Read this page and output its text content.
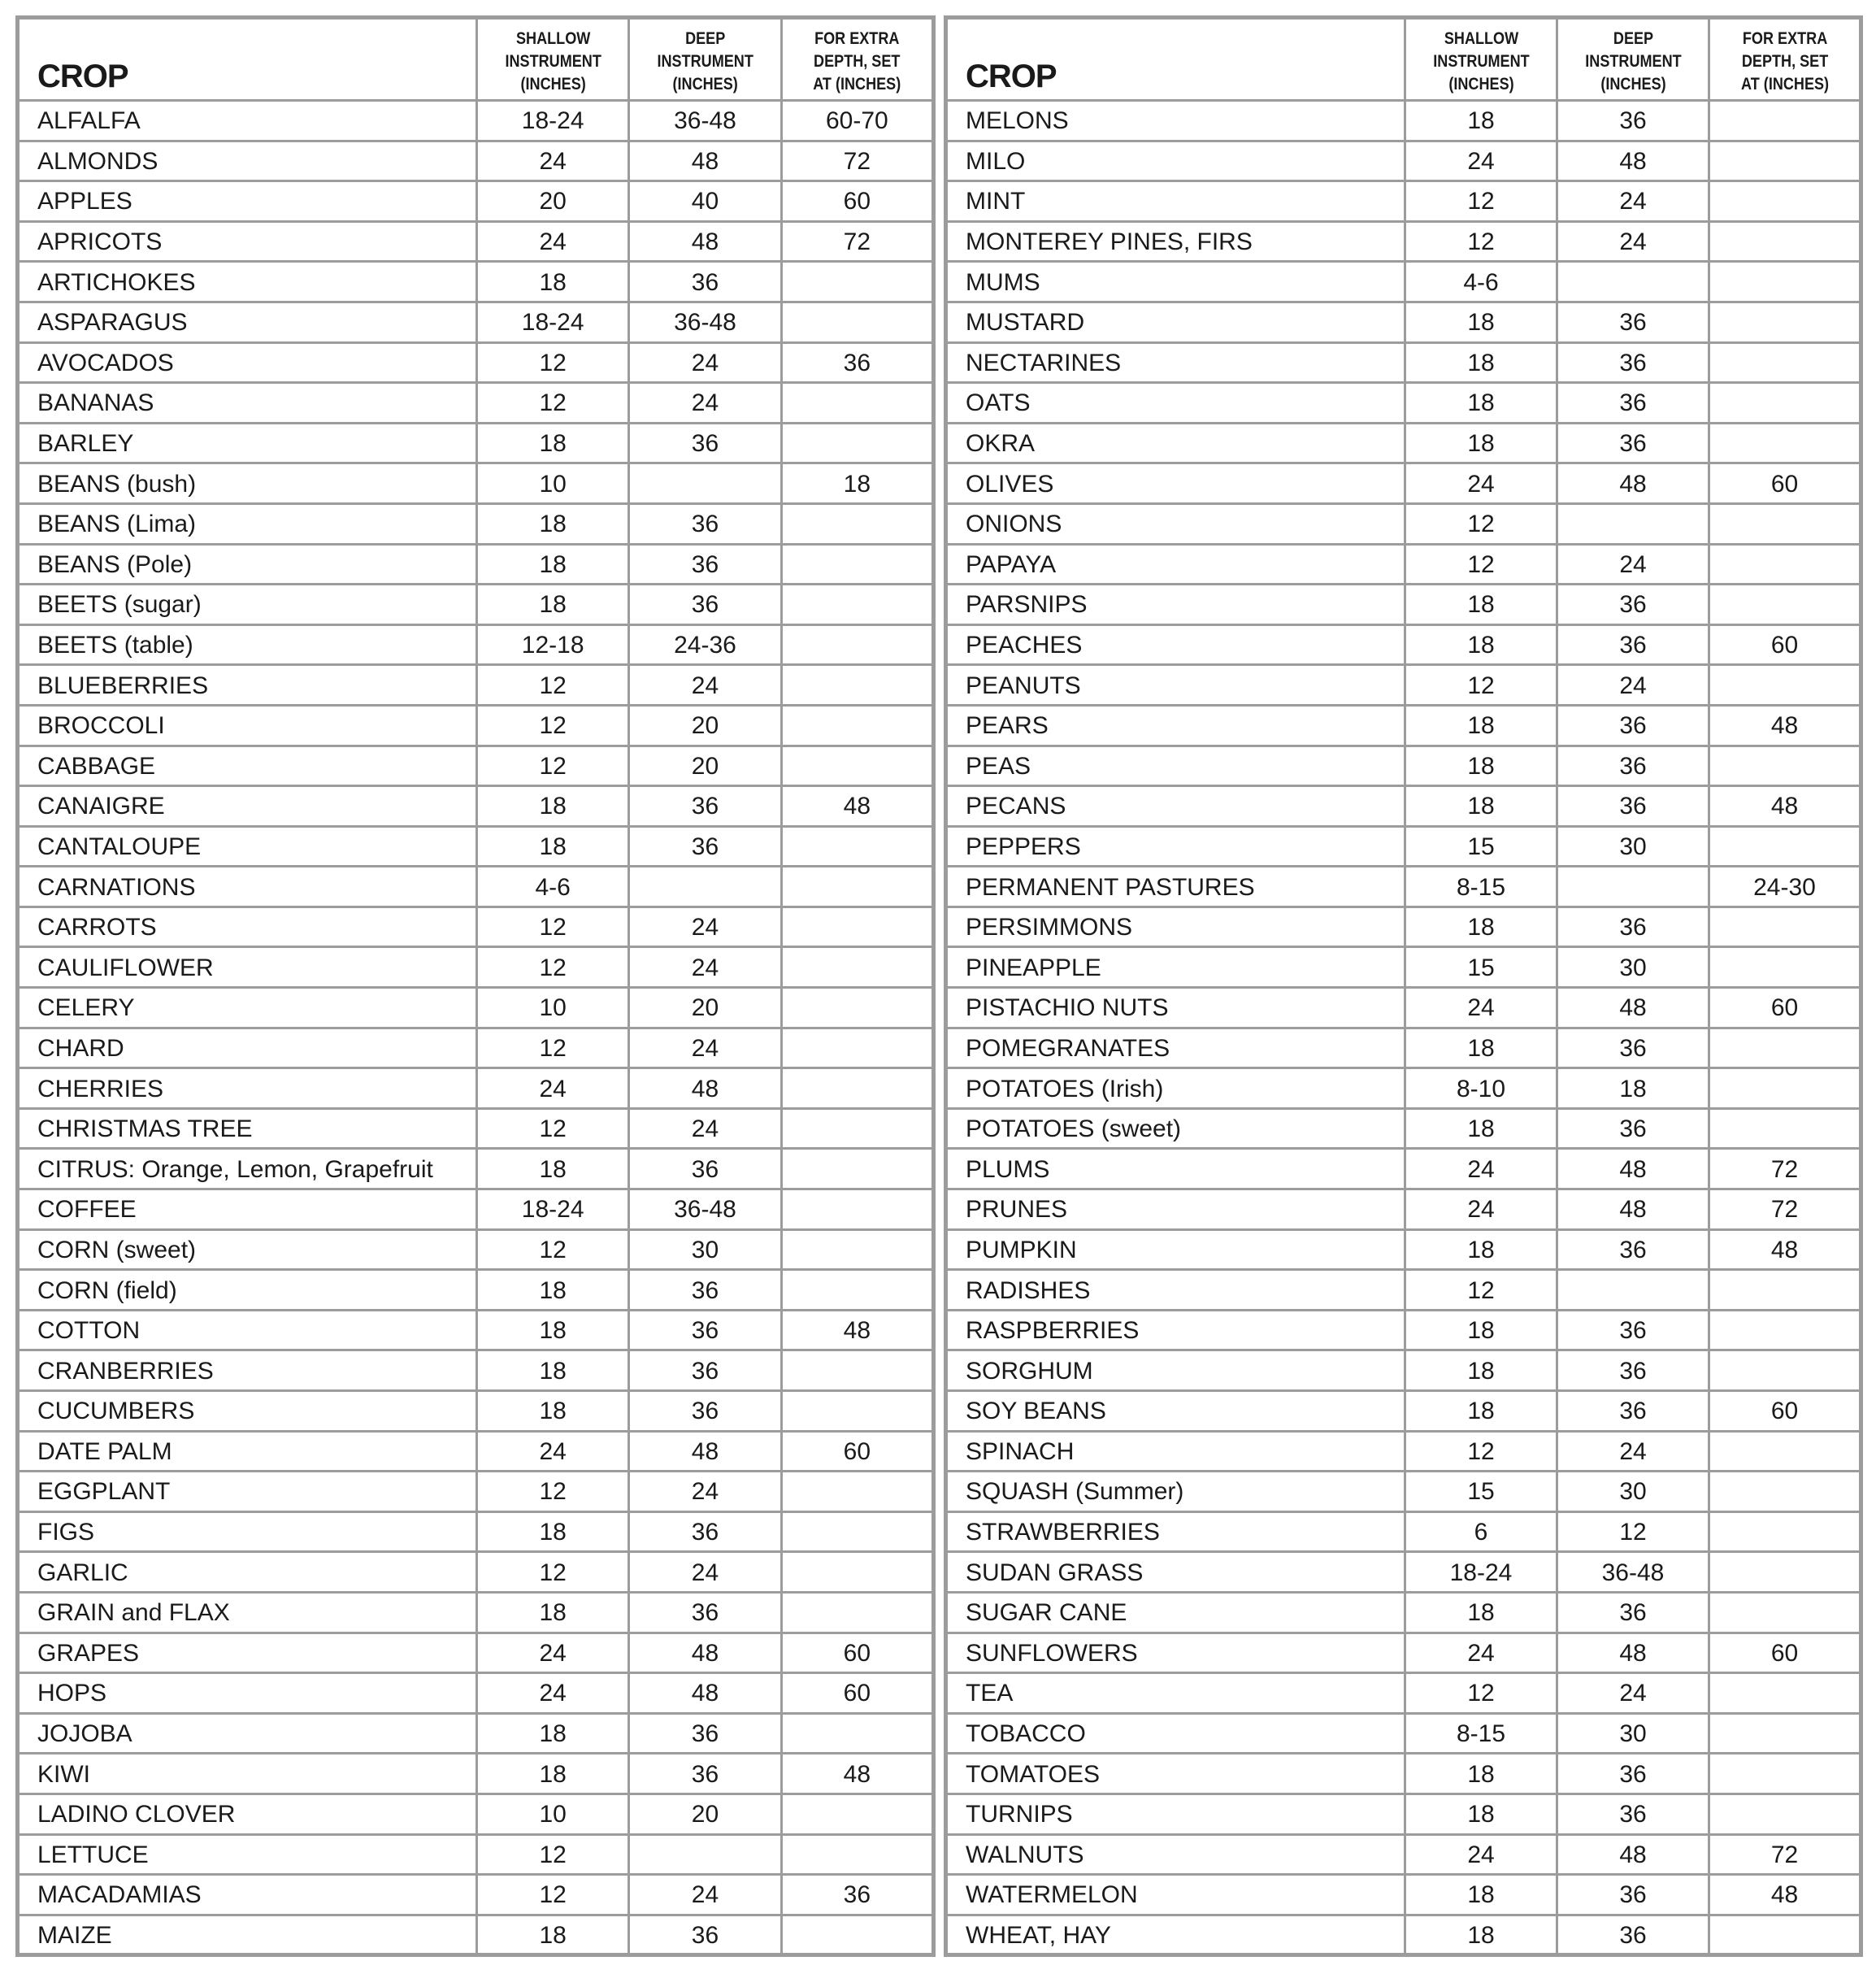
CROP	SHALLOW
INSTRUMENT
(INCHES)	DEEP
INSTRUMENT
(INCHES)	FOR EXTRA
DEPTH, SET
AT (INCHES)

ALFALFA	18-24	36-48	60-70
ALMONDS	24	48	72
APPLES	20	40	60
APRICOTS	24	48	72
ARTICHOKES	18	36	
ASPARAGUS	18-24	36-48	
AVOCADOS	12	24	36
BANANAS	12	24	
BARLEY	18	36	
BEANS (bush)	10		18
BEANS (Lima)	18	36	
BEANS (Pole)	18	36	
BEETS (sugar)	18	36	
BEETS (table)	12-18	24-36	
BLUEBERRIES	12	24	
BROCCOLI	12	20	
CABBAGE	12	20	
CANAIGRE	18	36	48
CANTALOUPE	18	36	
CARNATIONS	4-6		
CARROTS	12	24	
CAULIFLOWER	12	24	
CELERY	10	20	
CHARD	12	24	
CHERRIES	24	48	
CHRISTMAS TREE	12	24	
CITRUS: Orange, Lemon, Grapefruit	18	36	
COFFEE	18-24	36-48	
CORN (sweet)	12	30	
CORN (field)	18	36	
COTTON	18	36	48
CRANBERRIES	18	36	
CUCUMBERS	18	36	
DATE PALM	24	48	60
EGGPLANT	12	24	
FIGS	18	36	
GARLIC	12	24	
GRAIN and FLAX	18	36	
GRAPES	24	48	60
HOPS	24	48	60
JOJOBA	18	36	
KIWI	18	36	48
LADINO CLOVER	10	20	
LETTUCE	12		
MACADAMIAS	12	24	36
MAIZE	18	36	
CROP	SHALLOW
INSTRUMENT
(INCHES)	DEEP
INSTRUMENT
(INCHES)	FOR EXTRA
DEPTH, SET
AT (INCHES)

MELONS	18	36	
MILO	24	48	
MINT	12	24	
MONTEREY PINES, FIRS	12	24	
MUMS	4-6		
MUSTARD	18	36	
NECTARINES	18	36	
OATS	18	36	
OKRA	18	36	
OLIVES	24	48	60
ONIONS	12		
PAPAYA	12	24	
PARSNIPS	18	36	
PEACHES	18	36	60
PEANUTS	12	24	
PEARS	18	36	48
PEAS	18	36	
PECANS	18	36	48
PEPPERS	15	30	
PERMANENT PASTURES	8-15		24-30
PERSIMMONS	18	36	
PINEAPPLE	15	30	
PISTACHIO NUTS	24	48	60
POMEGRANATES	18	36	
POTATOES (Irish)	8-10	18	
POTATOES (sweet)	18	36	
PLUMS	24	48	72
PRUNES	24	48	72
PUMPKIN	18	36	48
RADISHES	12		
RASPBERRIES	18	36	
SORGHUM	18	36	
SOY BEANS	18	36	60
SPINACH	12	24	
SQUASH (Summer)	15	30	
STRAWBERRIES	6	12	
SUDAN GRASS	18-24	36-48	
SUGAR CANE	18	36	
SUNFLOWERS	24	48	60
TEA	12	24	
TOBACCO	8-15	30	
TOMATOES	18	36	
TURNIPS	18	36	
WALNUTS	24	48	72
WATERMELON	18	36	48
WHEAT, HAY	18	36	
